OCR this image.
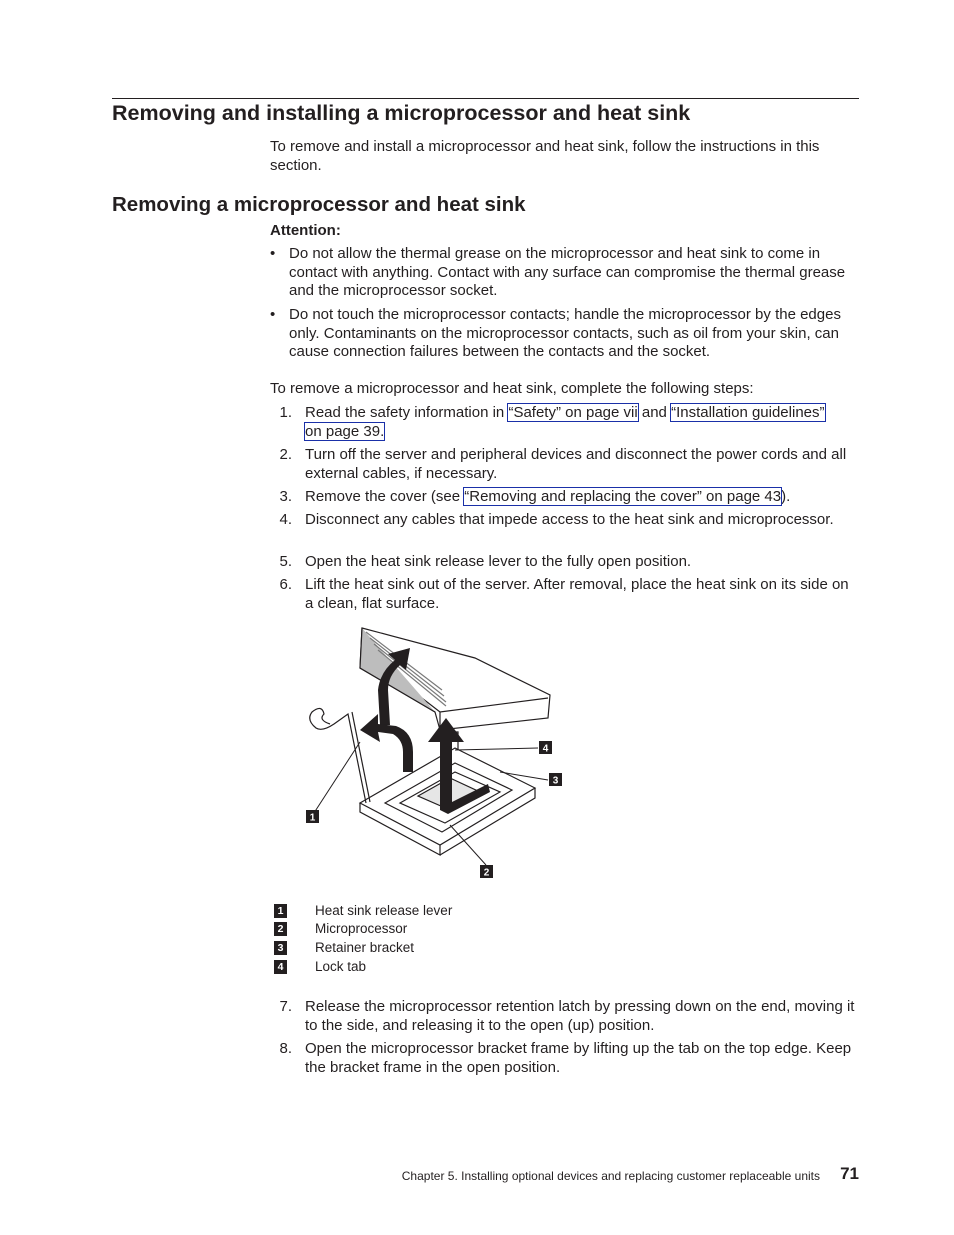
Removing and installing a microprocessor and heat sink

To remove and install a microprocessor and heat sink, follow the instructions in this section.

Removing a microprocessor and heat sink

Attention:

• Do not allow the thermal grease on the microprocessor and heat sink to come in contact with anything. Contact with any surface can compromise the thermal grease and the microprocessor socket.
• Do not touch the microprocessor contacts; handle the microprocessor by the edges only. Contaminants on the microprocessor contacts, such as oil from your skin, can cause connection failures between the contacts and the socket.

To remove a microprocessor and heat sink, complete the following steps:

1. Read the safety information in “Safety” on page vii and “Installation guidelines”
on page 39.
2. Turn off the server and peripheral devices and disconnect the power cords and all external cables, if necessary.
3. Remove the cover (see “Removing and replacing the cover” on page 43).
4. Disconnect any cables that impede access to the heat sink and microprocessor.
5. Open the heat sink release lever to the fully open position.
6. Lift the heat sink out of the server. After removal, place the heat sink on its side on a clean, flat surface.
1
2
3
4
1 Heat sink release lever
2 Microprocessor
3 Retainer bracket
4 Lock tab
7. Release the microprocessor retention latch by pressing down on the end, moving it to the side, and releasing it to the open (up) position.
8. Open the microprocessor bracket frame by lifting up the tab on the top edge. Keep the bracket frame in the open position.
Chapter 5. Installing optional devices and replacing customer replaceable units 71
